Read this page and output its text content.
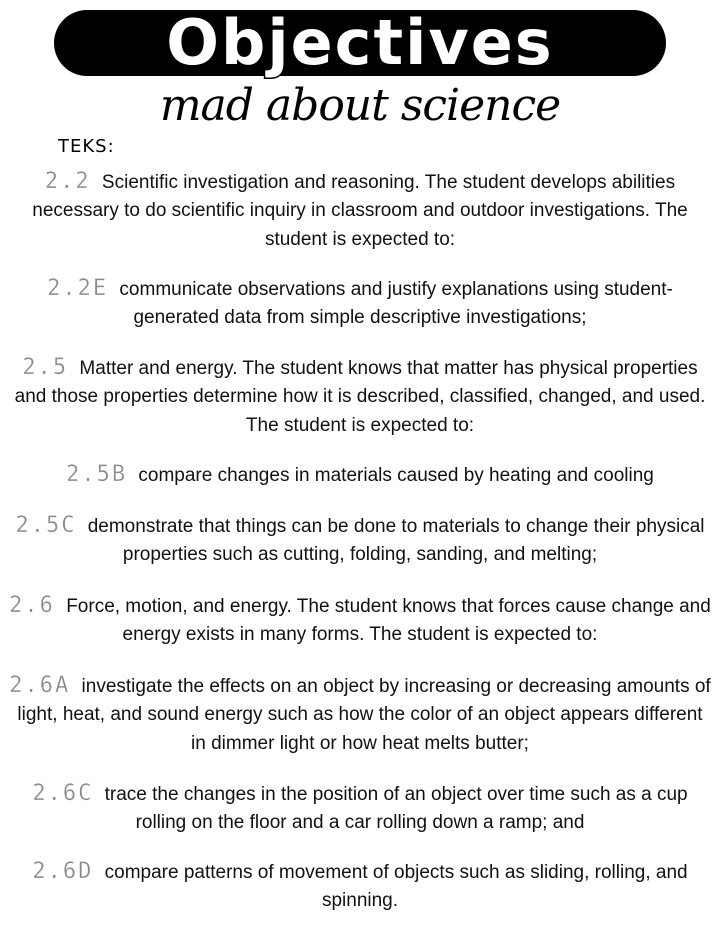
Objectives
mad about science
TEKS:

2.2 Scientific investigation and reasoning. The student develops abilities necessary to do scientific inquiry in classroom and outdoor investigations. The student is expected to:

2.2E communicate observations and justify explanations using student-generated data from simple descriptive investigations;

2.5 Matter and energy. The student knows that matter has physical properties and those properties determine how it is described, classified, changed, and used. The student is expected to:

2.5B compare changes in materials caused by heating and cooling

2.5C demonstrate that things can be done to materials to change their physical properties such as cutting, folding, sanding, and melting;

2.6 Force, motion, and energy. The student knows that forces cause change and energy exists in many forms. The student is expected to:

2.6A investigate the effects on an object by increasing or decreasing amounts of light, heat, and sound energy such as how the color of an object appears different in dimmer light or how heat melts butter;

2.6C trace the changes in the position of an object over time such as a cup rolling on the floor and a car rolling down a ramp; and

2.6D compare patterns of movement of objects such as sliding, rolling, and spinning.
